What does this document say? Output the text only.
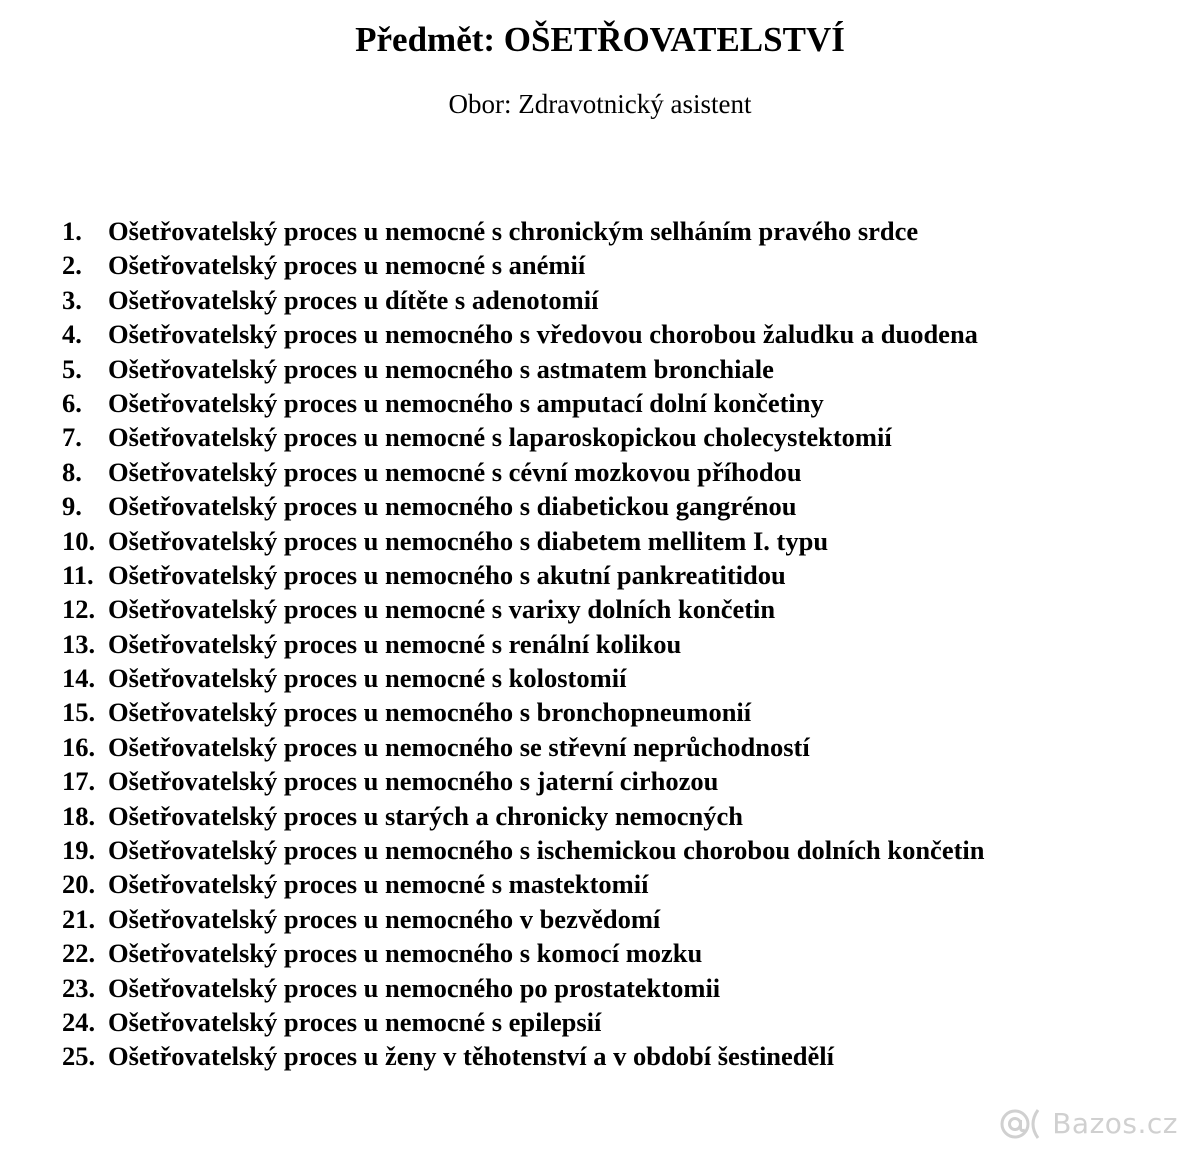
Předmět: OŠETŘOVATELSTVÍ

Obor: Zdravotnický asistent

1. Ošetřovatelský proces u nemocné s chronickým selháním pravého srdce
2. Ošetřovatelský proces u nemocné s anémií
3. Ošetřovatelský proces u dítěte s adenotomií
4. Ošetřovatelský proces u nemocného s vředovou chorobou žaludku a duodena
5. Ošetřovatelský proces u nemocného s astmatem bronchiale
6. Ošetřovatelský proces u nemocného s amputací dolní končetiny
7. Ošetřovatelský proces u nemocné s laparoskopickou cholecystektomií
8. Ošetřovatelský proces u nemocné s cévní mozkovou příhodou
9. Ošetřovatelský proces u nemocného s diabetickou gangrénou
10. Ošetřovatelský proces u nemocného s diabetem mellitem I. typu
11. Ošetřovatelský proces u nemocného s akutní pankreatitidou
12. Ošetřovatelský proces u nemocné s varixy dolních končetin
13. Ošetřovatelský proces u nemocné s renální kolikou
14. Ošetřovatelský proces u nemocné s kolostomií
15. Ošetřovatelský proces u nemocného s bronchopneumonií
16. Ošetřovatelský proces u nemocného se střevní neprůchodností
17. Ošetřovatelský proces u nemocného s jaterní cirhozou
18. Ošetřovatelský proces u starých a chronicky nemocných
19. Ošetřovatelský proces u nemocného s ischemickou chorobou dolních končetin
20. Ošetřovatelský proces u nemocné s mastektomií
21. Ošetřovatelský proces u nemocného v bezvědomí
22. Ošetřovatelský proces u nemocného s komocí mozku
23. Ošetřovatelský proces u nemocného po prostatektomii
24. Ošetřovatelský proces u nemocné s epilepsií
25. Ošetřovatelský proces u ženy v těhotenství a v období šestinedělí
Bazos.cz
